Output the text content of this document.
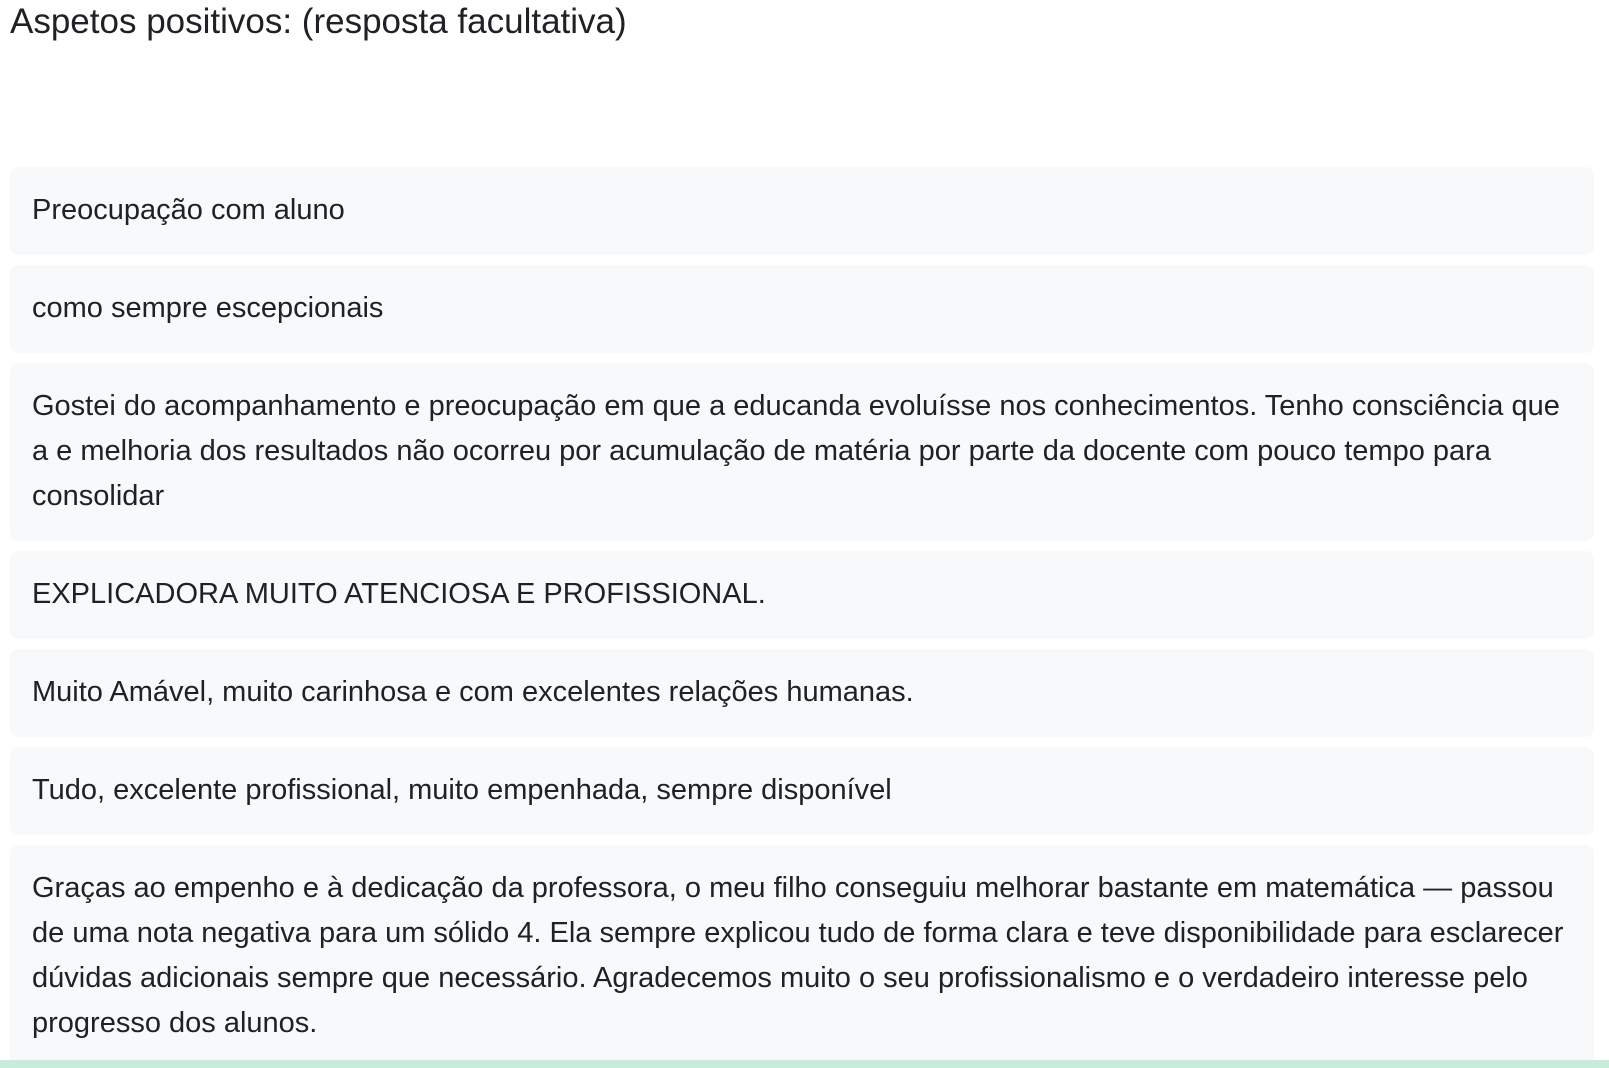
Aspetos positivos: (resposta facultativa)
Preocupação com aluno
como sempre escepcionais
Gostei do acompanhamento e preocupação em que a educanda evoluísse nos conhecimentos. Tenho consciência que a e melhoria dos resultados não ocorreu por acumulação de matéria por parte da docente com pouco tempo para consolidar
EXPLICADORA MUITO ATENCIOSA E PROFISSIONAL.
Muito Amável, muito carinhosa e com excelentes relações humanas.
Tudo, excelente profissional, muito empenhada, sempre disponível
Graças ao empenho e à dedicação da professora, o meu filho conseguiu melhorar bastante em matemática — passou de uma nota negativa para um sólido 4. Ela sempre explicou tudo de forma clara e teve disponibilidade para esclarecer dúvidas adicionais sempre que necessário. Agradecemos muito o seu profissionalismo e o verdadeiro interesse pelo progresso dos alunos.
